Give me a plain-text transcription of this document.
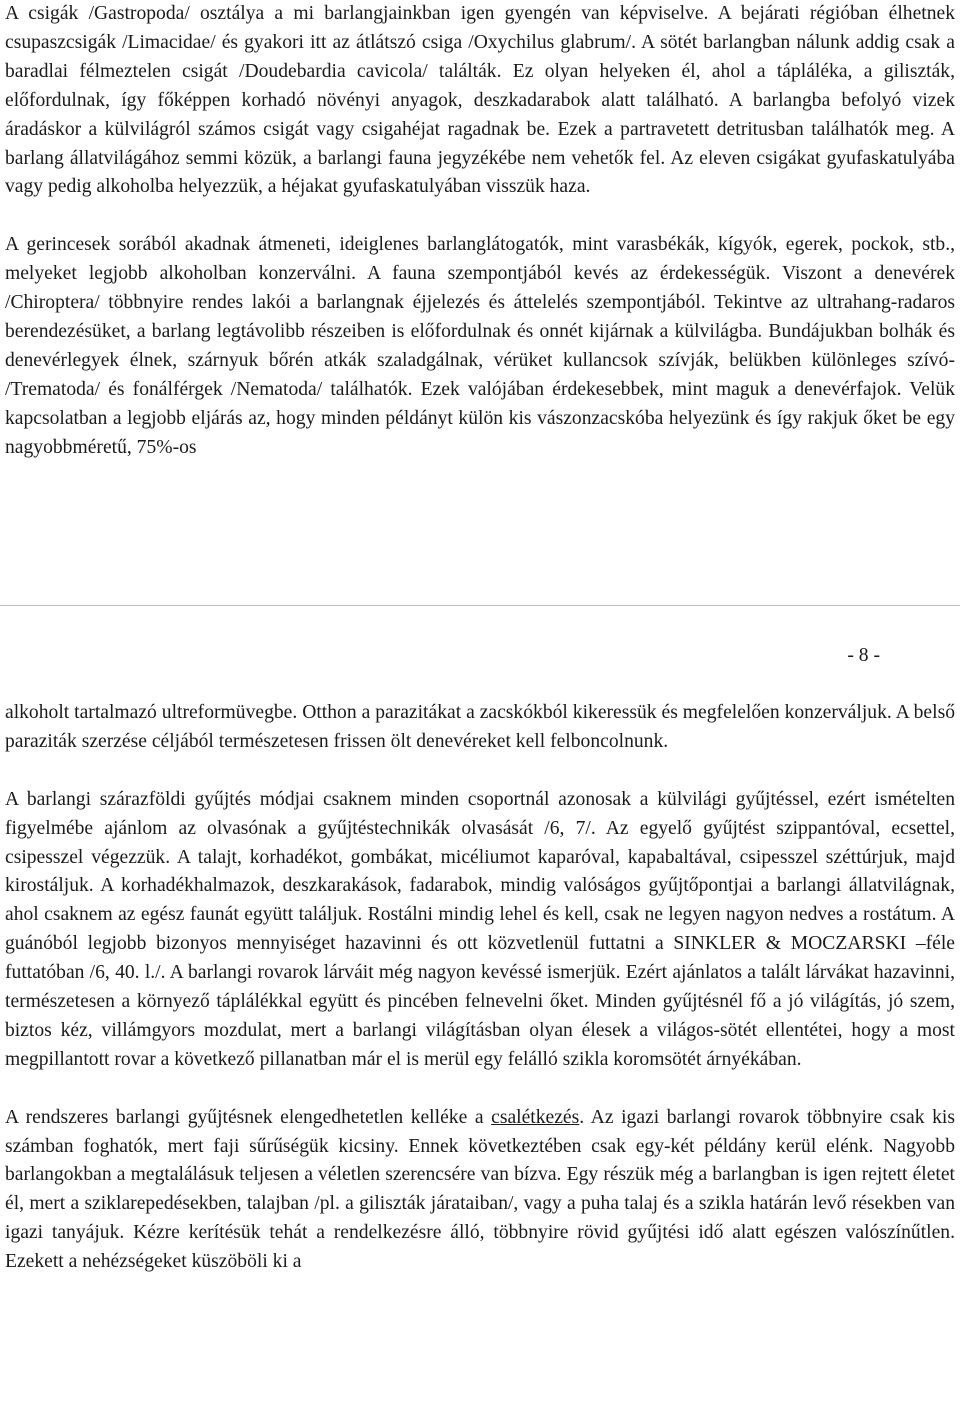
A csigák /Gastropoda/ osztálya a mi barlangjainkban igen gyengén van képviselve. A bejárati régióban élhetnek csupaszcsigák /Limacidae/ és gyakori itt az átlátszó csiga /Oxychilus glabrum/. A sötét barlangban nálunk addig csak a baradlai félmeztelen csigát /Doudebardia cavicola/ találták. Ez olyan helyeken él, ahol a tápláléka, a giliszták, előfordulnak, így főképpen korhadó növényi anyagok, deszkadarabok alatt található. A barlangba befolyó vizek áradáskor a külvilágról számos csigát vagy csigahéjat ragadnak be. Ezek a partravetett detritusban találhatók meg. A barlang állatvilágához semmi közük, a barlangi fauna jegyzékébe nem vehetők fel. Az eleven csigákat gyufaskatulyába vagy pedig alkoholba helyezzük, a héjakat gyufaskatulyában visszük haza.

A gerincesek sorából akadnak átmeneti, ideiglenes barlanglátogatók, mint varasbékák, kígyók, egerek, pockok, stb., melyeket legjobb alkoholban konzerválni. A fauna szempontjából kevés az érdekességük. Viszont a denevérek /Chiroptera/ többnyire rendes lakói a barlangnak éjjelezés és áttelelés szempontjából. Tekintve az ultrahang-radaros berendezésüket, a barlang legtávolibb részeiben is előfordulnak és onnét kijárnak a külvilágba. Bundájukban bolhák és denevérlegyek élnek, szárnyuk bőrén atkák szaladgálnak, vérüket kullancsok szívják, belükben különleges szívó- /Trematoda/ és fonálférgek /Nematoda/ találhatók. Ezek valójában érdekesebbek, mint maguk a denevérfajok. Velük kapcsolatban a legjobb eljárás az, hogy minden példányt külön kis vászonzacskóba helyezünk és így rakjuk őket be egy nagyobbméretű, 75%-os

- 8 -

alkoholt tartalmazó ultreformüvegbe. Otthon a parazitákat a zacskókból kikeressük és megfelelően konzerváljuk. A belső paraziták szerzése céljából természetesen frissen ölt denevéreket kell felboncolnunk.

A barlangi szárazföldi gyűjtés módjai csaknem minden csoportnál azonosak a külvilági gyűjtéssel, ezért ismételten figyelmébe ajánlom az olvasónak a gyűjtéstechnikák olvasását /6, 7/. Az egyelő gyűjtést szippantóval, ecsettel, csipesszel végezzük. A talajt, korhadékot, gombákat, micéliumot kaparóval, kapabaltával, csipesszel széttúrjuk, majd kirostáljuk. A korhadékhalmazok, deszkarakások, fadarabok, mindig valóságos gyűjtőpontjai a barlangi állatvilágnak, ahol csaknem az egész faunát együtt találjuk. Rostálni mindig lehel és kell, csak ne legyen nagyon nedves a rostátum. A guánóból legjobb bizonyos mennyiséget hazavinni és ott közvetlenül futtatni a SINKLER & MOCZARSKI –féle futtatóban /6, 40. l./. A barlangi rovarok lárváit még nagyon kevéssé ismerjük. Ezért ajánlatos a talált lárvákat hazavinni, természetesen a környező táplálékkal együtt és pincében felnevelni őket. Minden gyűjtésnél fő a jó világítás, jó szem, biztos kéz, villámgyors mozdulat, mert a barlangi világításban olyan élesek a világos-sötét ellentétei, hogy a most megpillantott rovar a következő pillanatban már el is merül egy felálló szikla koromsötét árnyékában.

A rendszeres barlangi gyűjtésnek elengedhetetlen kelléke a csalétkezés. Az igazi barlangi rovarok többnyire csak kis számban foghatók, mert faji sűrűségük kicsiny. Ennek következtében csak egy-két példány kerül elénk. Nagyobb barlangokban a megtalálásuk teljesen a véletlen szerencsére van bízva. Egy részük még a barlangban is igen rejtett életet él, mert a sziklarepedésekben, talajban /pl. a giliszták járataiban/, vagy a puha talaj és a szikla határán levő résekben van igazi tanyájuk. Kézre kerítésük tehát a rendelkezésre álló, többnyire rövid gyűjtési idő alatt egészen valószínűtlen. Ezekett a nehézségeket küszöböli ki a
